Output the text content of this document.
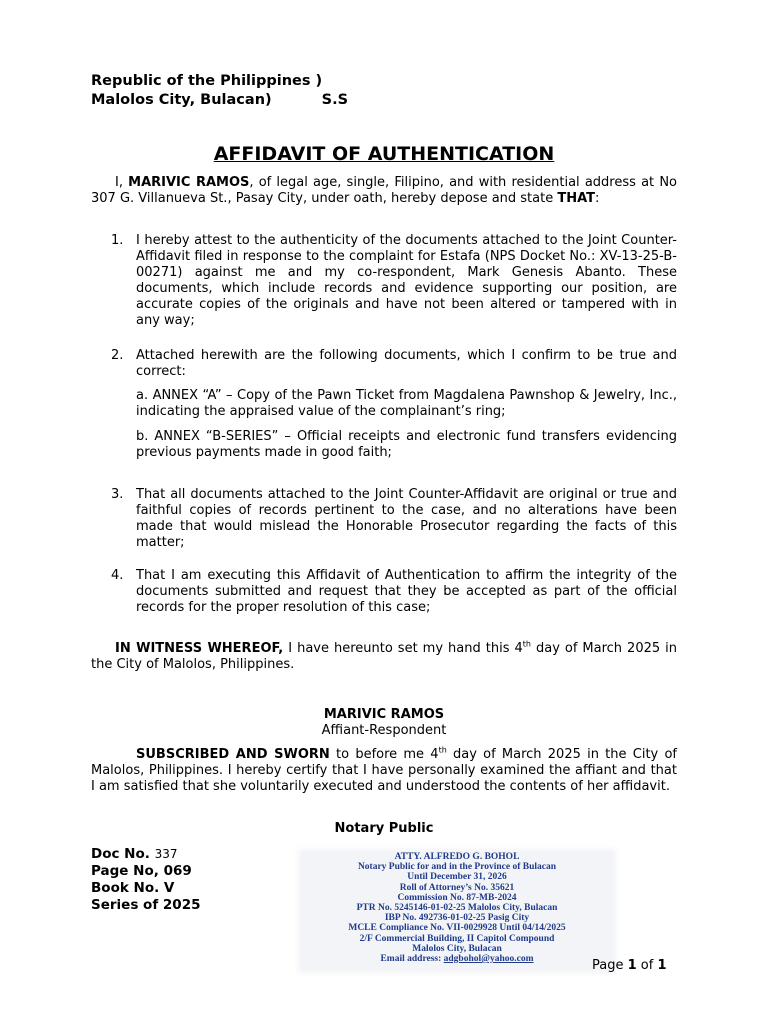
Republic of the Philippines )
Malolos City, Bulacan)	S.S
AFFIDAVIT OF AUTHENTICATION
I, MARIVIC RAMOS, of legal age, single, Filipino, and with residential address at No 307 G. Villanueva St., Pasay City, under oath, hereby depose and state THAT:
1. I hereby attest to the authenticity of the documents attached to the Joint Counter-Affidavit filed in response to the complaint for Estafa (NPS Docket No.: XV-13-25-B-00271) against me and my co-respondent, Mark Genesis Abanto. These documents, which include records and evidence supporting our position, are accurate copies of the originals and have not been altered or tampered with in any way;
2. Attached herewith are the following documents, which I confirm to be true and correct:
a. ANNEX “A” – Copy of the Pawn Ticket from Magdalena Pawnshop & Jewelry, Inc., indicating the appraised value of the complainant’s ring;
b. ANNEX “B-SERIES” – Official receipts and electronic fund transfers evidencing previous payments made in good faith;
3. That all documents attached to the Joint Counter-Affidavit are original or true and faithful copies of records pertinent to the case, and no alterations have been made that would mislead the Honorable Prosecutor regarding the facts of this matter;
4. That I am executing this Affidavit of Authentication to affirm the integrity of the documents submitted and request that they be accepted as part of the official records for the proper resolution of this case;
IN WITNESS WHEREOF, I have hereunto set my hand this 4th day of March 2025 in the City of Malolos, Philippines.
MARIVIC RAMOS
Affiant-Respondent
SUBSCRIBED AND SWORN to before me 4th day of March 2025 in the City of Malolos, Philippines. I hereby certify that I have personally examined the affiant and that I am satisfied that she voluntarily executed and understood the contents of her affidavit.
Notary Public
Doc No. 337
Page No, 069
Book No. V
Series of 2025
ATTY. ALFREDO G. BOHOL
Notary Public for and in the Province of Bulacan
Until December 31, 2026
Roll of Attorney’s No. 35621
Commission No. 87-MB-2024
PTR No. 5245146-01-02-25 Malolos City, Bulacan
IBP No. 492736-01-02-25 Pasig City
MCLE Compliance No. VII-0029928 Until 04/14/2025
2/F Commercial Building, II Capitol Compound
Malolos City, Bulacan
Email address: adgbohol@yahoo.com	Page 1 of 1
